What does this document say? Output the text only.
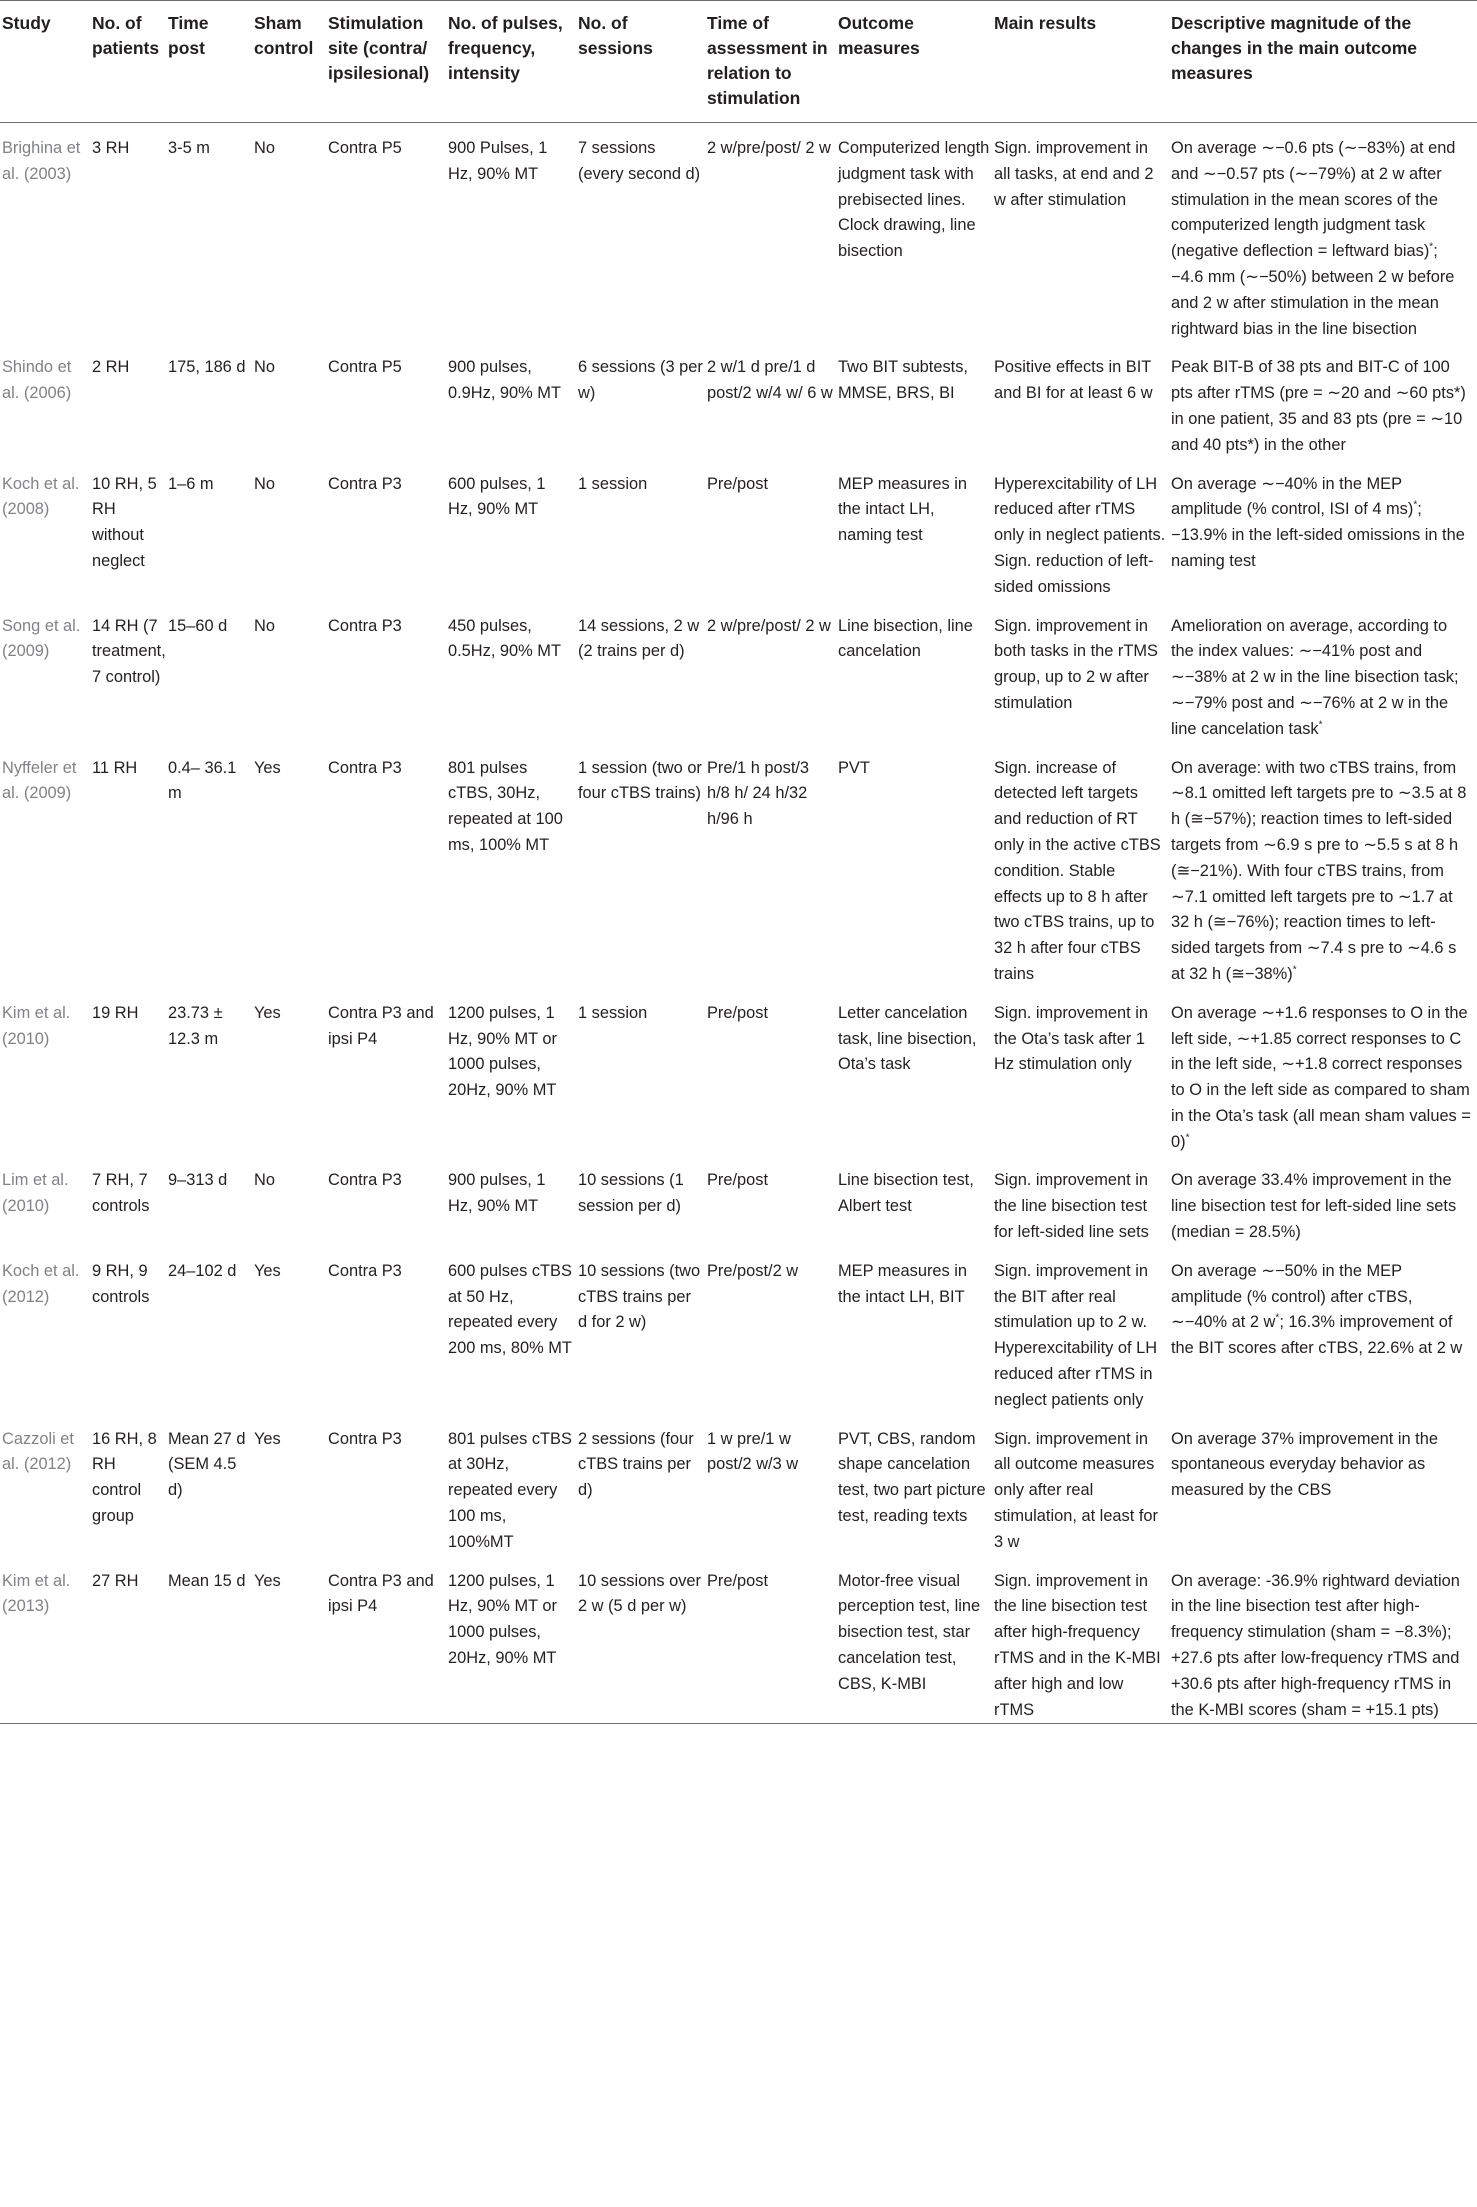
Study	No. of patients	Time post	Sham control	Stimulation site (contra/ ipsilesional)	No. of pulses, frequency, intensity	No. of sessions	Time of assessment in relation to stimulation	Outcome measures	Main results	Descriptive magnitude of the changes in the main outcome measures

Brighina et al. (2003)	3 RH	3-5 m	No	Contra P5	900 Pulses, 1 Hz, 90% MT	7 sessions (every second d)	2 w/pre/post/ 2 w	Computerized length judgment task with prebisected lines. Clock drawing, line bisection	Sign. improvement in all tasks, at end and 2 w after stimulation	On average ∼−0.6 pts (∼−83%) at end and ∼−0.57 pts (∼−79%) at 2 w after stimulation in the mean scores of the computerized length judgment task (negative deflection = leftward bias)*; −4.6 mm (∼−50%) between 2 w before and 2 w after stimulation in the mean rightward bias in the line bisection

Shindo et al. (2006)	2 RH	175, 186 d	No	Contra P5	900 pulses, 0.9Hz, 90% MT	6 sessions (3 per w)	2 w/1 d pre/1 d post/2 w/4 w/ 6 w	Two BIT subtests, MMSE, BRS, BI	Positive effects in BIT and BI for at least 6 w	Peak BIT-B of 38 pts and BIT-C of 100 pts after rTMS (pre = ∼20 and ∼60 pts*) in one patient, 35 and 83 pts (pre = ∼10 and 40 pts*) in the other

Koch et al. (2008)	10 RH, 5 RH without neglect	1–6 m	No	Contra P3	600 pulses, 1 Hz, 90% MT	1 session	Pre/post	MEP measures in the intact LH, naming test	Hyperexcitability of LH reduced after rTMS only in neglect patients. Sign. reduction of left-sided omissions	On average ∼−40% in the MEP amplitude (% control, ISI of 4 ms)*; −13.9% in the left-sided omissions in the naming test

Song et al. (2009)	14 RH (7 treatment, 7 control)	15–60 d	No	Contra P3	450 pulses, 0.5Hz, 90% MT	14 sessions, 2 w (2 trains per d)	2 w/pre/post/ 2 w	Line bisection, line cancelation	Sign. improvement in both tasks in the rTMS group, up to 2 w after stimulation	Amelioration on average, according to the index values: ∼−41% post and ∼−38% at 2 w in the line bisection task; ∼−79% post and ∼−76% at 2 w in the line cancelation task*

Nyffeler et al. (2009)	11 RH	0.4– 36.1 m	Yes	Contra P3	801 pulses cTBS, 30Hz, repeated at 100 ms, 100% MT	1 session (two or four cTBS trains)	Pre/1 h post/3 h/8 h/ 24 h/32 h/96 h	PVT	Sign. increase of detected left targets and reduction of RT only in the active cTBS condition. Stable effects up to 8 h after two cTBS trains, up to 32 h after four cTBS trains	On average: with two cTBS trains, from ∼8.1 omitted left targets pre to ∼3.5 at 8 h (≅−57%); reaction times to left-sided targets from ∼6.9 s pre to ∼5.5 s at 8 h (≅−21%). With four cTBS trains, from ∼7.1 omitted left targets pre to ∼1.7 at 32 h (≅−76%); reaction times to left-sided targets from ∼7.4 s pre to ∼4.6 s at 32 h (≅−38%)*

Kim et al. (2010)	19 RH	23.73 ± 12.3 m	Yes	Contra P3 and ipsi P4	1200 pulses, 1 Hz, 90% MT or 1000 pulses, 20Hz, 90% MT	1 session	Pre/post	Letter cancelation task, line bisection, Ota’s task	Sign. improvement in the Ota’s task after 1 Hz stimulation only	On average ∼+1.6 responses to O in the left side, ∼+1.85 correct responses to C in the left side, ∼+1.8 correct responses to O in the left side as compared to sham in the Ota’s task (all mean sham values = 0)*

Lim et al. (2010)	7 RH, 7 controls	9–313 d	No	Contra P3	900 pulses, 1 Hz, 90% MT	10 sessions (1 session per d)	Pre/post	Line bisection test, Albert test	Sign. improvement in the line bisection test for left-sided line sets	On average 33.4% improvement in the line bisection test for left-sided line sets (median = 28.5%)

Koch et al. (2012)	9 RH, 9 controls	24–102 d	Yes	Contra P3	600 pulses cTBS at 50 Hz, repeated every 200 ms, 80% MT	10 sessions (two cTBS trains per d for 2 w)	Pre/post/2 w	MEP measures in the intact LH, BIT	Sign. improvement in the BIT after real stimulation up to 2 w. Hyperexcitability of LH reduced after rTMS in neglect patients only	On average ∼−50% in the MEP amplitude (% control) after cTBS, ∼−40% at 2 w*; 16.3% improvement of the BIT scores after cTBS, 22.6% at 2 w

Cazzoli et al. (2012)	16 RH, 8 RH control group	Mean 27 d (SEM 4.5 d)	Yes	Contra P3	801 pulses cTBS at 30Hz, repeated every 100 ms, 100%MT	2 sessions (four cTBS trains per d)	1 w pre/1 w post/2 w/3 w	PVT, CBS, random shape cancelation test, two part picture test, reading texts	Sign. improvement in all outcome measures only after real stimulation, at least for 3 w	On average 37% improvement in the spontaneous everyday behavior as measured by the CBS

Kim et al. (2013)	27 RH	Mean 15 d	Yes	Contra P3 and ipsi P4	1200 pulses, 1 Hz, 90% MT or 1000 pulses, 20Hz, 90% MT	10 sessions over 2 w (5 d per w)	Pre/post	Motor-free visual perception test, line bisection test, star cancelation test, CBS, K-MBI	Sign. improvement in the line bisection test after high-frequency rTMS and in the K-MBI after high and low rTMS	On average: -36.9% rightward deviation in the line bisection test after high-frequency stimulation (sham = −8.3%); +27.6 pts after low-frequency rTMS and +30.6 pts after high-frequency rTMS in the K-MBI scores (sham = +15.1 pts)
